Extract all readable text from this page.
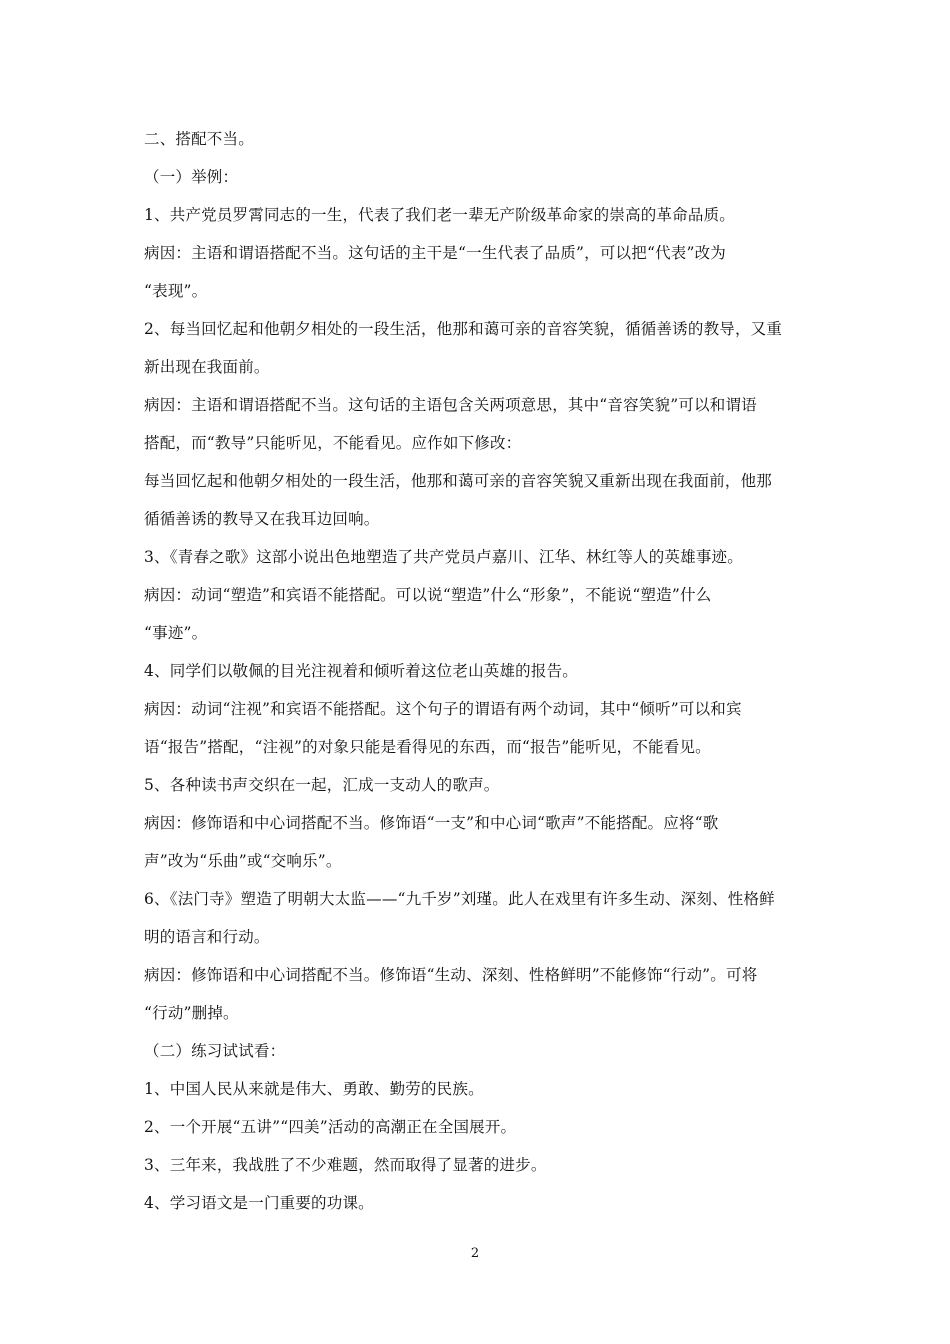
二、搭配不当。
（一）举例：
1、共产党员罗霄同志的一生，代表了我们老一辈无产阶级革命家的崇高的革命品质。
病因：主语和谓语搭配不当。这句话的主干是“一生代表了品质”，可以把“代表”改为
“表现”。
2、每当回忆起和他朝夕相处的一段生活，他那和蔼可亲的音容笑貌，循循善诱的教导，又重
新出现在我面前。
病因：主语和谓语搭配不当。这句话的主语包含关两项意思，其中“音容笑貌”可以和谓语
搭配，而“教导”只能听见，不能看见。应作如下修改：
每当回忆起和他朝夕相处的一段生活，他那和蔼可亲的音容笑貌又重新出现在我面前，他那
循循善诱的教导又在我耳边回响。
3、《青春之歌》这部小说出色地塑造了共产党员卢嘉川、江华、林红等人的英雄事迹。
病因：动词“塑造”和宾语不能搭配。可以说“塑造”什么“形象”，不能说“塑造”什么
“事迹”。
4、同学们以敬佩的目光注视着和倾听着这位老山英雄的报告。
病因：动词“注视”和宾语不能搭配。这个句子的谓语有两个动词，其中“倾听”可以和宾
语“报告”搭配，“注视”的对象只能是看得见的东西，而“报告”能听见，不能看见。
5、各种读书声交织在一起，汇成一支动人的歌声。
病因：修饰语和中心词搭配不当。修饰语“一支”和中心词“歌声”不能搭配。应将“歌
声”改为“乐曲”或“交响乐”。
6、《法门寺》塑造了明朝大太监——“九千岁”刘瑾。此人在戏里有许多生动、深刻、性格鲜
明的语言和行动。
病因：修饰语和中心词搭配不当。修饰语“生动、深刻、性格鲜明”不能修饰“行动”。可将
“行动”删掉。
（二）练习试试看：
1、中国人民从来就是伟大、勇敢、勤劳的民族。
2、一个开展“五讲”“四美”活动的高潮正在全国展开。
3、三年来，我战胜了不少难题，然而取得了显著的进步。
4、学习语文是一门重要的功课。
2
